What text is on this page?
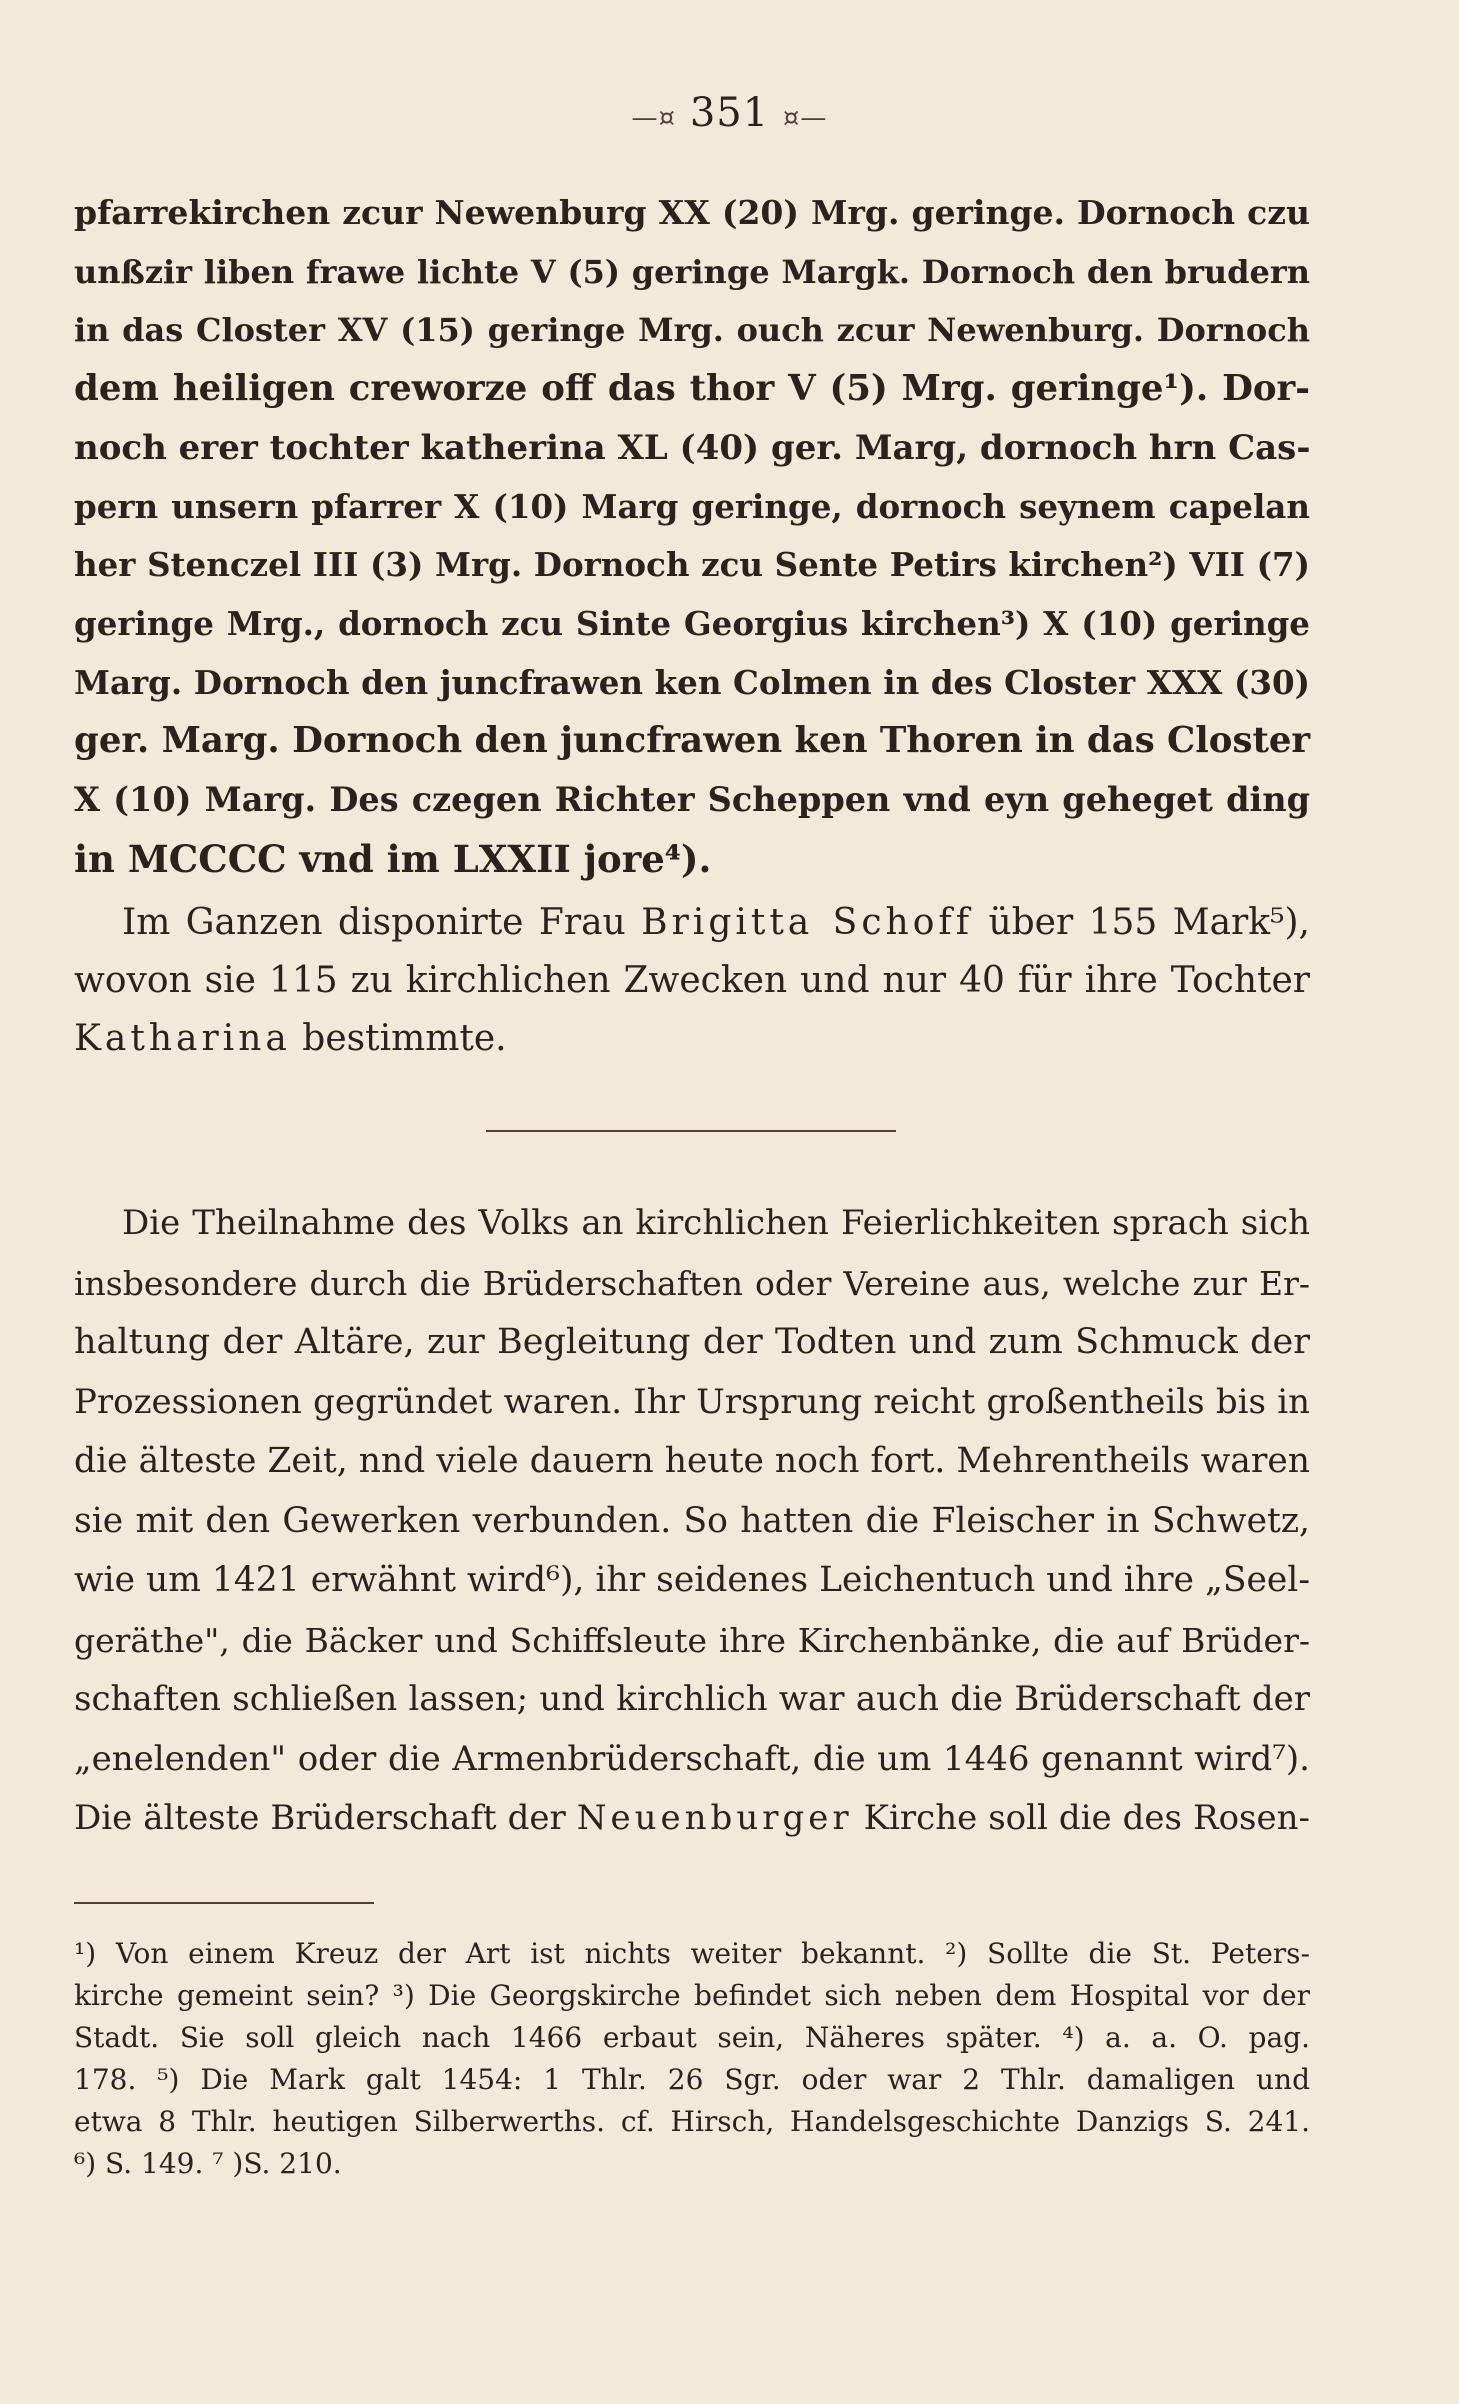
—¤ 351 ¤—
pfarrekirchen zcur Newenburg XX (20) Mrg. geringe. Dornoch czu
unßzir liben frawe lichte V (5) geringe Margk. Dornoch den brudern
in das Closter XV (15) geringe Mrg. ouch zcur Newenburg. Dornoch
dem heiligen creworze off das thor V (5) Mrg. geringe¹). Dor-
noch erer tochter katherina XL (40) ger. Marg, dornoch hrn Cas-
pern unsern pfarrer X (10) Marg geringe, dornoch seynem capelan
her Stenczel III (3) Mrg. Dornoch zcu Sente Petirs kirchen²) VII (7)
geringe Mrg., dornoch zcu Sinte Georgius kirchen³) X (10) geringe
Marg. Dornoch den juncfrawen ken Colmen in des Closter XXX (30)
ger. Marg. Dornoch den juncfrawen ken Thoren in das Closter
X (10) Marg. Des czegen Richter Scheppen vnd eyn geheget ding
in MCCCC vnd im LXXII jore⁴).
Im Ganzen disponirte Frau Brigitta Schoff über 155 Mark⁵),
wovon sie 115 zu kirchlichen Zwecken und nur 40 für ihre Tochter
Katharina bestimmte.
Die Theilnahme des Volks an kirchlichen Feierlichkeiten sprach sich
insbesondere durch die Brüderschaften oder Vereine aus, welche zur Er-
haltung der Altäre, zur Begleitung der Todten und zum Schmuck der
Prozessionen gegründet waren. Ihr Ursprung reicht großentheils bis in
die älteste Zeit, nnd viele dauern heute noch fort. Mehrentheils waren
sie mit den Gewerken verbunden. So hatten die Fleischer in Schwetz,
wie um 1421 erwähnt wird⁶), ihr seidenes Leichentuch und ihre „Seel-
geräthe", die Bäcker und Schiffsleute ihre Kirchenbänke, die auf Brüder-
schaften schließen lassen; und kirchlich war auch die Brüderschaft der
„enelenden" oder die Armenbrüderschaft, die um 1446 genannt wird⁷).
Die älteste Brüderschaft der Neuenburger Kirche soll die des Rosen-
¹) Von einem Kreuz der Art ist nichts weiter bekannt. ²) Sollte die St. Peters-
kirche gemeint sein? ³) Die Georgskirche befindet sich neben dem Hospital vor der
Stadt. Sie soll gleich nach 1466 erbaut sein, Näheres später. ⁴) a. a. O. pag.
178. ⁵) Die Mark galt 1454: 1 Thlr. 26 Sgr. oder war 2 Thlr. damaligen und
etwa 8 Thlr. heutigen Silberwerths. cf. Hirsch, Handelsgeschichte Danzigs S. 241.
⁶) S. 149. ⁷ )S. 210.
